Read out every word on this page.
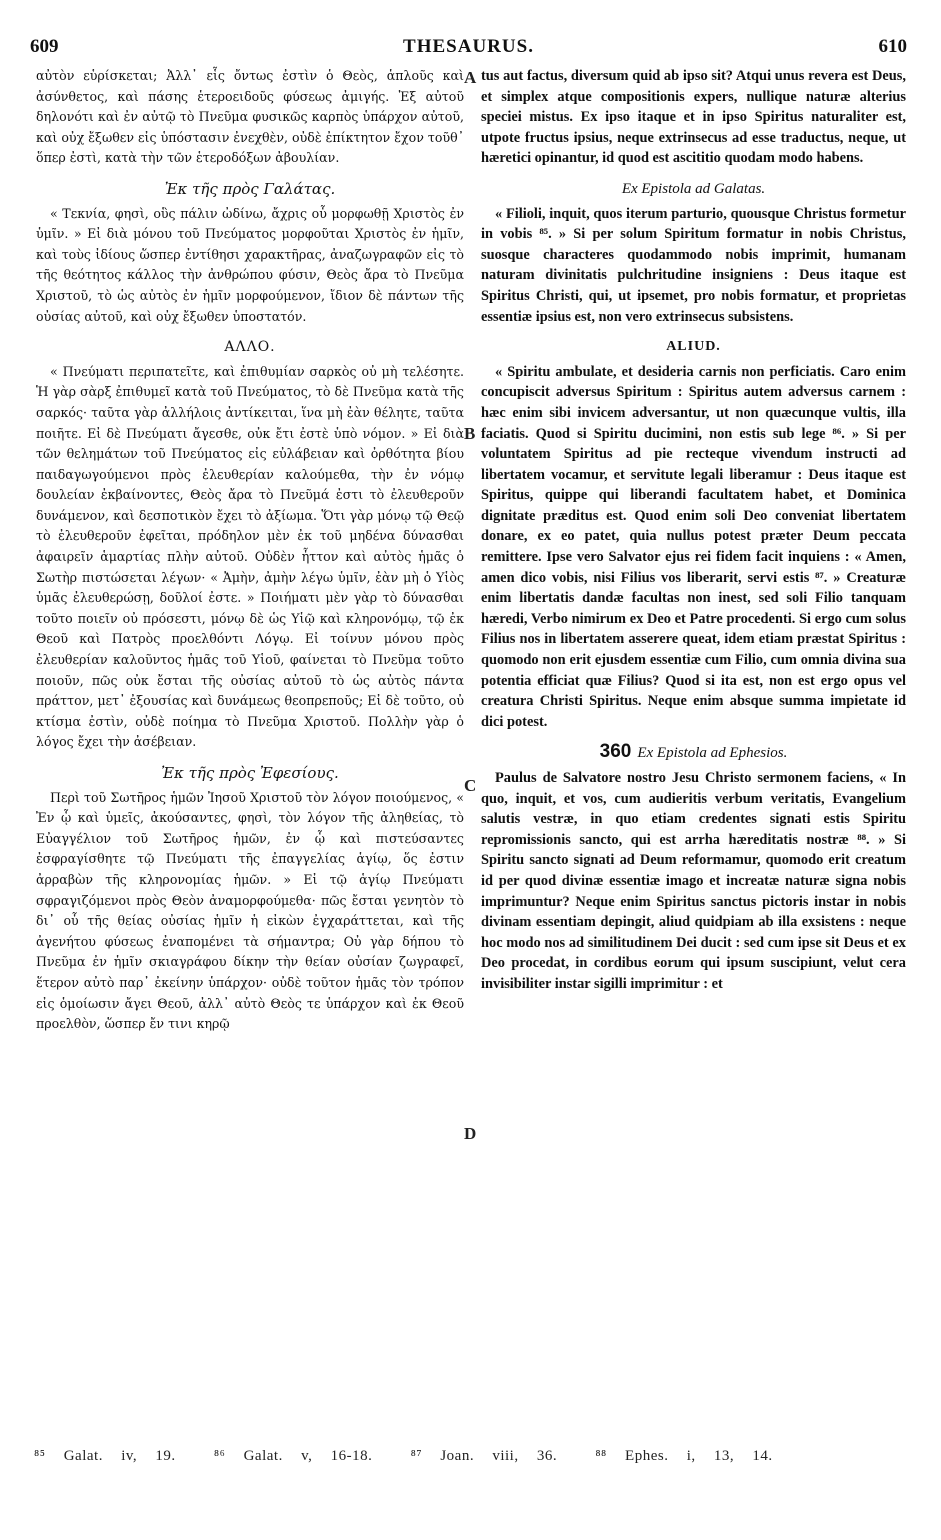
609	THESAURUS.	610
A
B
C
D

αὐτὸν εὑρίσκεται; Ἀλλ᾽ εἷς ὄντως ἐστὶν ὁ Θεὸς, ἁπλοῦς καὶ ἀσύνθετος, καὶ πάσης ἑτεροειδοῦς φύσεως ἀμιγής. Ἐξ αὐτοῦ δηλονότι καὶ ἐν αὐτῷ τὸ Πνεῦμα φυσικῶς καρπὸς ὑπάρχον αὐτοῦ, καὶ οὐχ ἔξωθεν εἰς ὑπόστασιν ἐνεχθὲν, οὐδὲ ἐπίκτητον ἔχον τοῦθ᾽ ὅπερ ἐστὶ, κατὰ τὴν τῶν ἑτεροδόξων ἀβουλίαν.

Ἐκ τῆς πρὸς Γαλάτας.

« Τεκνία, φησὶ, οὓς πάλιν ὠδίνω, ἄχρις οὗ μορφωθῇ Χριστὸς ἐν ὑμῖν. » Εἰ διὰ μόνου τοῦ Πνεύματος μορφοῦται Χριστὸς ἐν ἡμῖν, καὶ τοὺς ἰδίους ὥσπερ ἐντίθησι χαρακτῆρας, ἀναζωγραφῶν εἰς τὸ τῆς θεότητος κάλλος τὴν ἀνθρώπου φύσιν, Θεὸς ἄρα τὸ Πνεῦμα Χριστοῦ, τὸ ὡς αὐτὸς ἐν ἡμῖν μορφούμενον, ἴδιον δὲ πάντων τῆς οὐσίας αὐτοῦ, καὶ οὐχ ἔξωθεν ὑποστατόν.

ΑΛΛΟ.

« Πνεύματι περιπατεῖτε, καὶ ἐπιθυμίαν σαρκὸς οὐ μὴ τελέσητε. Ἡ γὰρ σὰρξ ἐπιθυμεῖ κατὰ τοῦ Πνεύματος, τὸ δὲ Πνεῦμα κατὰ τῆς σαρκός· ταῦτα γὰρ ἀλλήλοις ἀντίκειται, ἵνα μὴ ἐὰν θέλητε, ταῦτα ποιῆτε. Εἰ δὲ Πνεύματι ἄγεσθε, οὐκ ἔτι ἐστὲ ὑπὸ νόμον. » Εἰ διὰ τῶν θελημάτων τοῦ Πνεύματος εἰς εὐλάβειαν καὶ ὀρθότητα βίου παιδαγωγούμενοι πρὸς ἐλευθερίαν καλούμεθα, τὴν ἐν νόμῳ δουλείαν ἐκβαίνοντες, Θεὸς ἄρα τὸ Πνεῦμά ἐστι τὸ ἐλευθεροῦν δυνάμενον, καὶ δεσποτικὸν ἔχει τὸ ἀξίωμα. Ὅτι γὰρ μόνῳ τῷ Θεῷ τὸ ἐλευθεροῦν ἐφεῖται, πρόδηλον μὲν ἐκ τοῦ μηδένα δύνασθαι ἀφαιρεῖν ἁμαρτίας πλὴν αὐτοῦ. Οὐδὲν ἧττον καὶ αὐτὸς ἡμᾶς ὁ Σωτὴρ πιστώσεται λέγων· « Ἀμὴν, ἀμὴν λέγω ὑμῖν, ἐὰν μὴ ὁ Υἱὸς ὑμᾶς ἐλευθερώσῃ, δοῦλοί ἐστε. » Ποιήματι μὲν γὰρ τὸ δύνασθαι τοῦτο ποιεῖν οὐ πρόσεστι, μόνῳ δὲ ὡς Υἱῷ καὶ κληρονόμῳ, τῷ ἐκ Θεοῦ καὶ Πατρὸς προελθόντι Λόγῳ. Εἰ τοίνυν μόνου πρὸς ἐλευθερίαν καλοῦντος ἡμᾶς τοῦ Υἱοῦ, φαίνεται τὸ Πνεῦμα τοῦτο ποιοῦν, πῶς οὐκ ἔσται τῆς οὐσίας αὐτοῦ τὸ ὡς αὐτὸς πάντα πράττον, μετ᾽ ἐξουσίας καὶ δυνάμεως θεοπρεποῦς; Εἰ δὲ τοῦτο, οὐ κτίσμα ἐστὶν, οὐδὲ ποίημα τὸ Πνεῦμα Χριστοῦ. Πολλὴν γὰρ ὁ λόγος ἔχει τὴν ἀσέβειαν.

Ἐκ τῆς πρὸς Ἐφεσίους.

Περὶ τοῦ Σωτῆρος ἡμῶν Ἰησοῦ Χριστοῦ τὸν λόγον ποιούμενος, « Ἐν ᾧ καὶ ὑμεῖς, ἀκούσαντες, φησὶ, τὸν λόγον τῆς ἀληθείας, τὸ Εὐαγγέλιον τοῦ Σωτῆρος ἡμῶν, ἐν ᾧ καὶ πιστεύσαντες ἐσφραγίσθητε τῷ Πνεύματι τῆς ἐπαγγελίας ἁγίῳ, ὅς ἐστιν ἀρραβὼν τῆς κληρονομίας ἡμῶν. » Εἰ τῷ ἁγίῳ Πνεύματι σφραγιζόμενοι πρὸς Θεὸν ἀναμορφούμεθα· πῶς ἔσται γενητὸν τὸ δι᾽ οὗ τῆς θείας οὐσίας ἡμῖν ἡ εἰκὼν ἐγχαράττεται, καὶ τῆς ἀγενήτου φύσεως ἐναπομένει τὰ σήμαντρα; Οὐ γὰρ δήπου τὸ Πνεῦμα ἐν ἡμῖν σκιαγράφου δίκην τὴν θείαν οὐσίαν ζωγραφεῖ, ἕτερον αὐτὸ παρ᾽ ἐκείνην ὑπάρχον· οὐδὲ τοῦτον ἡμᾶς τὸν τρόπον εἰς ὁμοίωσιν ἄγει Θεοῦ, ἀλλ᾽ αὐτὸ Θεὸς τε ὑπάρχον καὶ ἐκ Θεοῦ προελθὸν, ὥσπερ ἔν τινι κηρῷ

tus aut factus, diversum quid ab ipso sit? Atqui unus revera est Deus, et simplex atque compositionis expers, nullique naturæ alterius speciei mistus. Ex ipso itaque et in ipso Spiritus naturaliter est, utpote fructus ipsius, neque extrinsecus ad esse traductus, neque, ut hæretici opinantur, id quod est ascititio quodam modo habens.

Ex Epistola ad Galatas.

« Filioli, inquit, quos iterum parturio, quousque Christus formetur in vobis ⁸⁵. » Si per solum Spiritum formatur in nobis Christus, suosque characteres quodammodo nobis imprimit, humanam naturam divinitatis pulchritudine insigniens : Deus itaque est Spiritus Christi, qui, ut ipsemet, pro nobis formatur, et proprietas essentiæ ipsius est, non vero extrinsecus subsistens.

ALIUD.

« Spiritu ambulate, et desideria carnis non perficiatis. Caro enim concupiscit adversus Spiritum : Spiritus autem adversus carnem : hæc enim sibi invicem adversantur, ut non quæcunque vultis, illa faciatis. Quod si Spiritu ducimini, non estis sub lege ⁸⁶. » Si per voluntatem Spiritus ad pie recteque vivendum instructi ad libertatem vocamur, et servitute legali liberamur : Deus itaque est Spiritus, quippe qui liberandi facultatem habet, et Dominica dignitate præditus est. Quod enim soli Deo conveniat libertatem donare, ex eo patet, quia nullus potest præter Deum peccata remittere. Ipse vero Salvator ejus rei fidem facit inquiens : « Amen, amen dico vobis, nisi Filius vos liberarit, servi estis ⁸⁷. » Creaturæ enim libertatis dandæ facultas non inest, sed soli Filio tanquam hæredi, Verbo nimirum ex Deo et Patre procedenti. Si ergo cum solus Filius nos in libertatem asserere queat, idem etiam præstat Spiritus : quomodo non erit ejusdem essentiæ cum Filio, cum omnia divina sua potentia efficiat quæ Filius? Quod si ita est, non est ergo opus vel creatura Christi Spiritus. Neque enim absque summa impietate id dici potest.

360 Ex Epistola ad Ephesios.

Paulus de Salvatore nostro Jesu Christo sermonem faciens, « In quo, inquit, et vos, cum audieritis verbum veritatis, Evangelium salutis vestræ, in quo etiam credentes signati estis Spiritu repromissionis sancto, qui est arrha hæreditatis nostræ ⁸⁸. » Si Spiritu sancto signati ad Deum reformamur, quomodo erit creatum id per quod divinæ essentiæ imago et increatæ naturæ signa nobis imprimuntur? Neque enim Spiritus sanctus pictoris instar in nobis divinam essentiam depingit, aliud quidpiam ab illa exsistens : neque hoc modo nos ad similitudinem Dei ducit : sed cum ipse sit Deus et ex Deo procedat, in cordibus eorum qui ipsum suscipiunt, velut cera invisibiliter instar sigilli imprimitur : et

⁸⁵ Galat. iv, 19.	⁸⁶ Galat. v, 16-18.	⁸⁷ Joan. viii, 36.	⁸⁸ Ephes. i, 13, 14.
